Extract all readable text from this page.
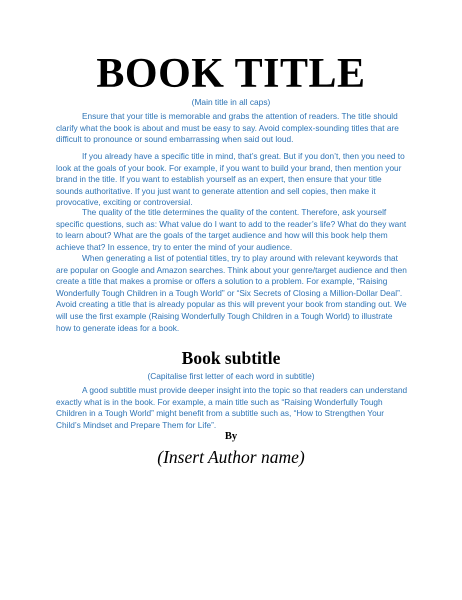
BOOK TITLE
(Main title in all caps)

Ensure that your title is memorable and grabs the attention of readers. The title should clarify what the book is about and must be easy to say. Avoid complex-sounding titles that are difficult to pronounce or sound embarrassing when said out loud.

If you already have a specific title in mind, that’s great. But if you don’t, then you need to look at the goals of your book. For example, if you want to build your brand, then mention your brand in the title. If you want to establish yourself as an expert, then ensure that your title sounds authoritative. If you just want to generate attention and sell copies, then make it provocative, exciting or controversial.

The quality of the title determines the quality of the content. Therefore, ask yourself specific questions, such as: What value do I want to add to the reader’s life? What do they want to learn about? What are the goals of the target audience and how will this book help them achieve that? In essence, try to enter the mind of your audience.

When generating a list of potential titles, try to play around with relevant keywords that are popular on Google and Amazon searches. Think about your genre/target audience and then create a title that makes a promise or offers a solution to a problem. For example, “Raising Wonderfully Tough Children in a Tough World” or “Six Secrets of Closing a Million-Dollar Deal”. Avoid creating a title that is already popular as this will prevent your book from standing out. We will use the first example (Raising Wonderfully Tough Children in a Tough World) to illustrate how to generate ideas for a book.

Book subtitle
(Capitalise first letter of each word in subtitle)

A good subtitle must provide deeper insight into the topic so that readers can understand exactly what is in the book. For example, a main title such as “Raising Wonderfully Tough Children in a Tough World” might benefit from a subtitle such as, “How to Strengthen Your Child’s Mindset and Prepare Them for Life”.

By
(Insert Author name)
